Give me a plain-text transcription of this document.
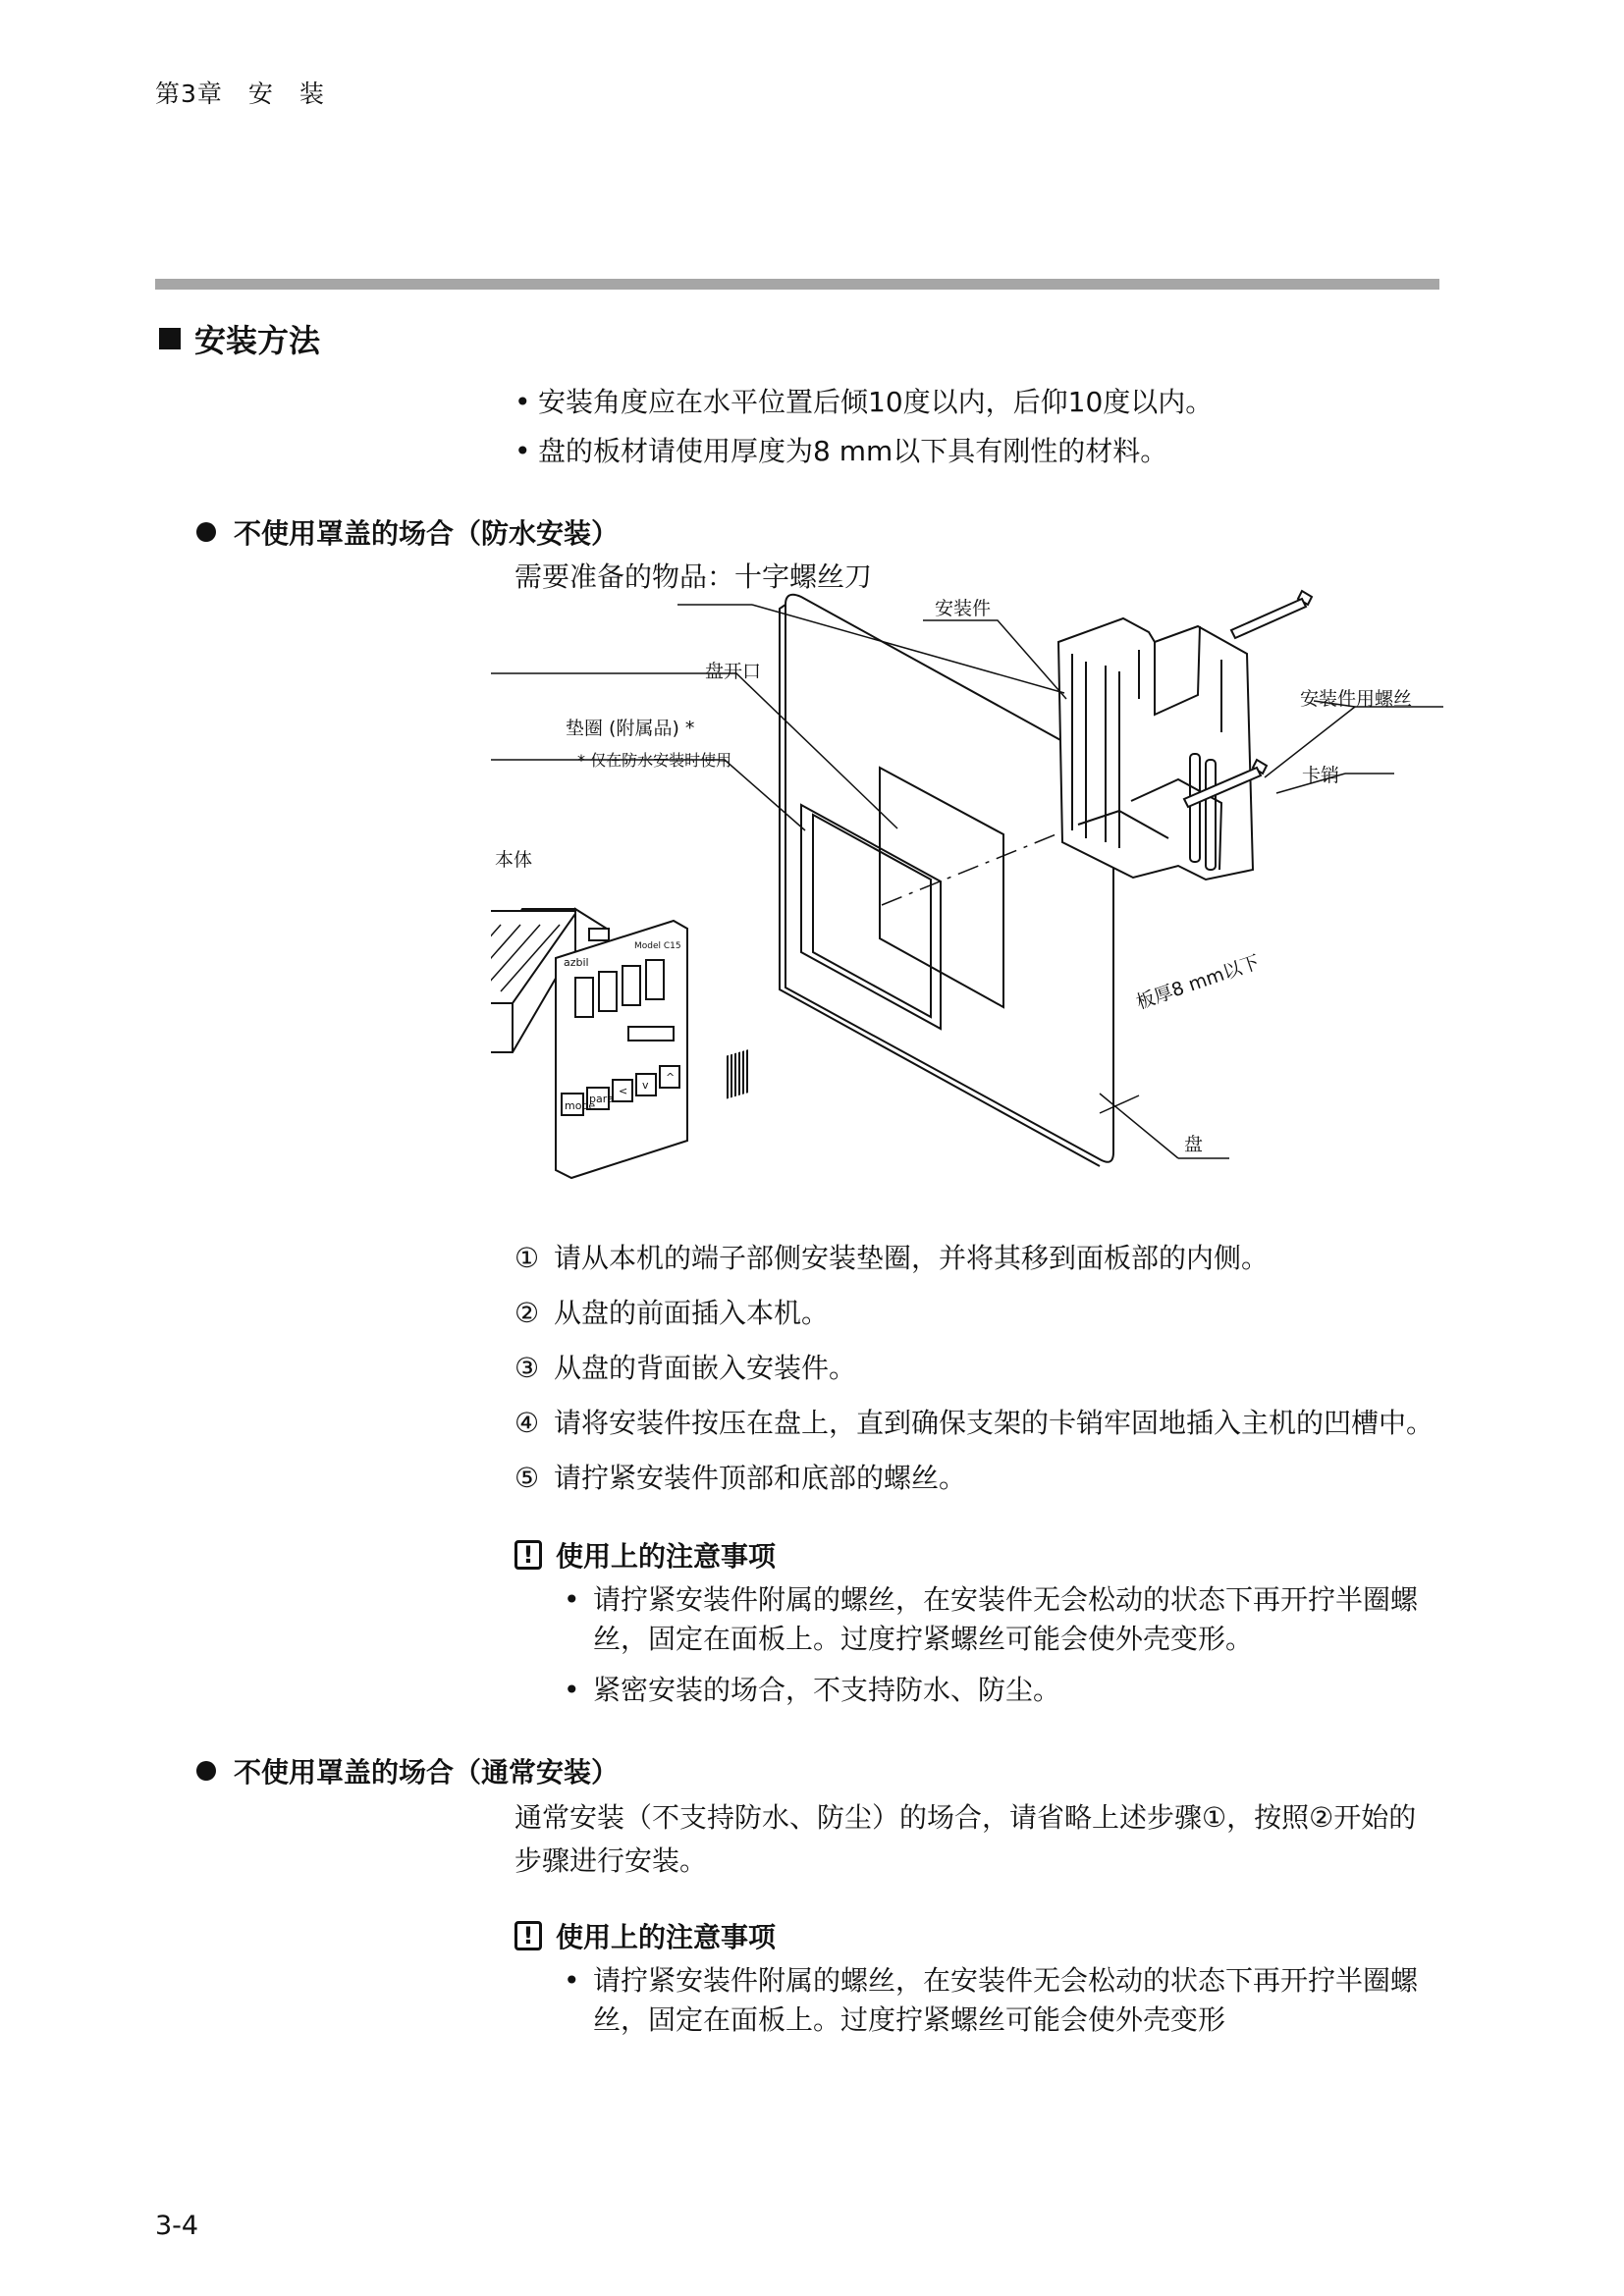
第3章　安　装
安装方法
• 安装角度应在水平位置后倾10度以内，后仰10度以内。
• 盘的板材请使用厚度为8 mm以下具有刚性的材料。
不使用罩盖的场合（防水安装）
需要准备的物品：十字螺丝刀
安装件
盘开口
安装件用螺丝
垫圈 (附属品) *
* 仅在防水安装时使用
卡销
本体
板厚8 mm以下
盘
azbil
Model C15
mode
para
< v
^
① 请从本机的端子部侧安装垫圈，并将其移到面板部的内侧。
② 从盘的前面插入本机。
③ 从盘的背面嵌入安装件。
④ 请将安装件按压在盘上，直到确保支架的卡销牢固地插入主机的凹槽中。
⑤ 请拧紧安装件顶部和底部的螺丝。
! 使用上的注意事项
• 请拧紧安装件附属的螺丝，在安装件无会松动的状态下再开拧半圈螺丝，固定在面板上。过度拧紧螺丝可能会使外壳变形。
• 紧密安装的场合，不支持防水、防尘。
不使用罩盖的场合（通常安装）
通常安装（不支持防水、防尘）的场合，请省略上述步骤①，按照②开始的步骤进行安装。
! 使用上的注意事项
• 请拧紧安装件附属的螺丝，在安装件无会松动的状态下再开拧半圈螺丝，固定在面板上。过度拧紧螺丝可能会使外壳变形
3-4
